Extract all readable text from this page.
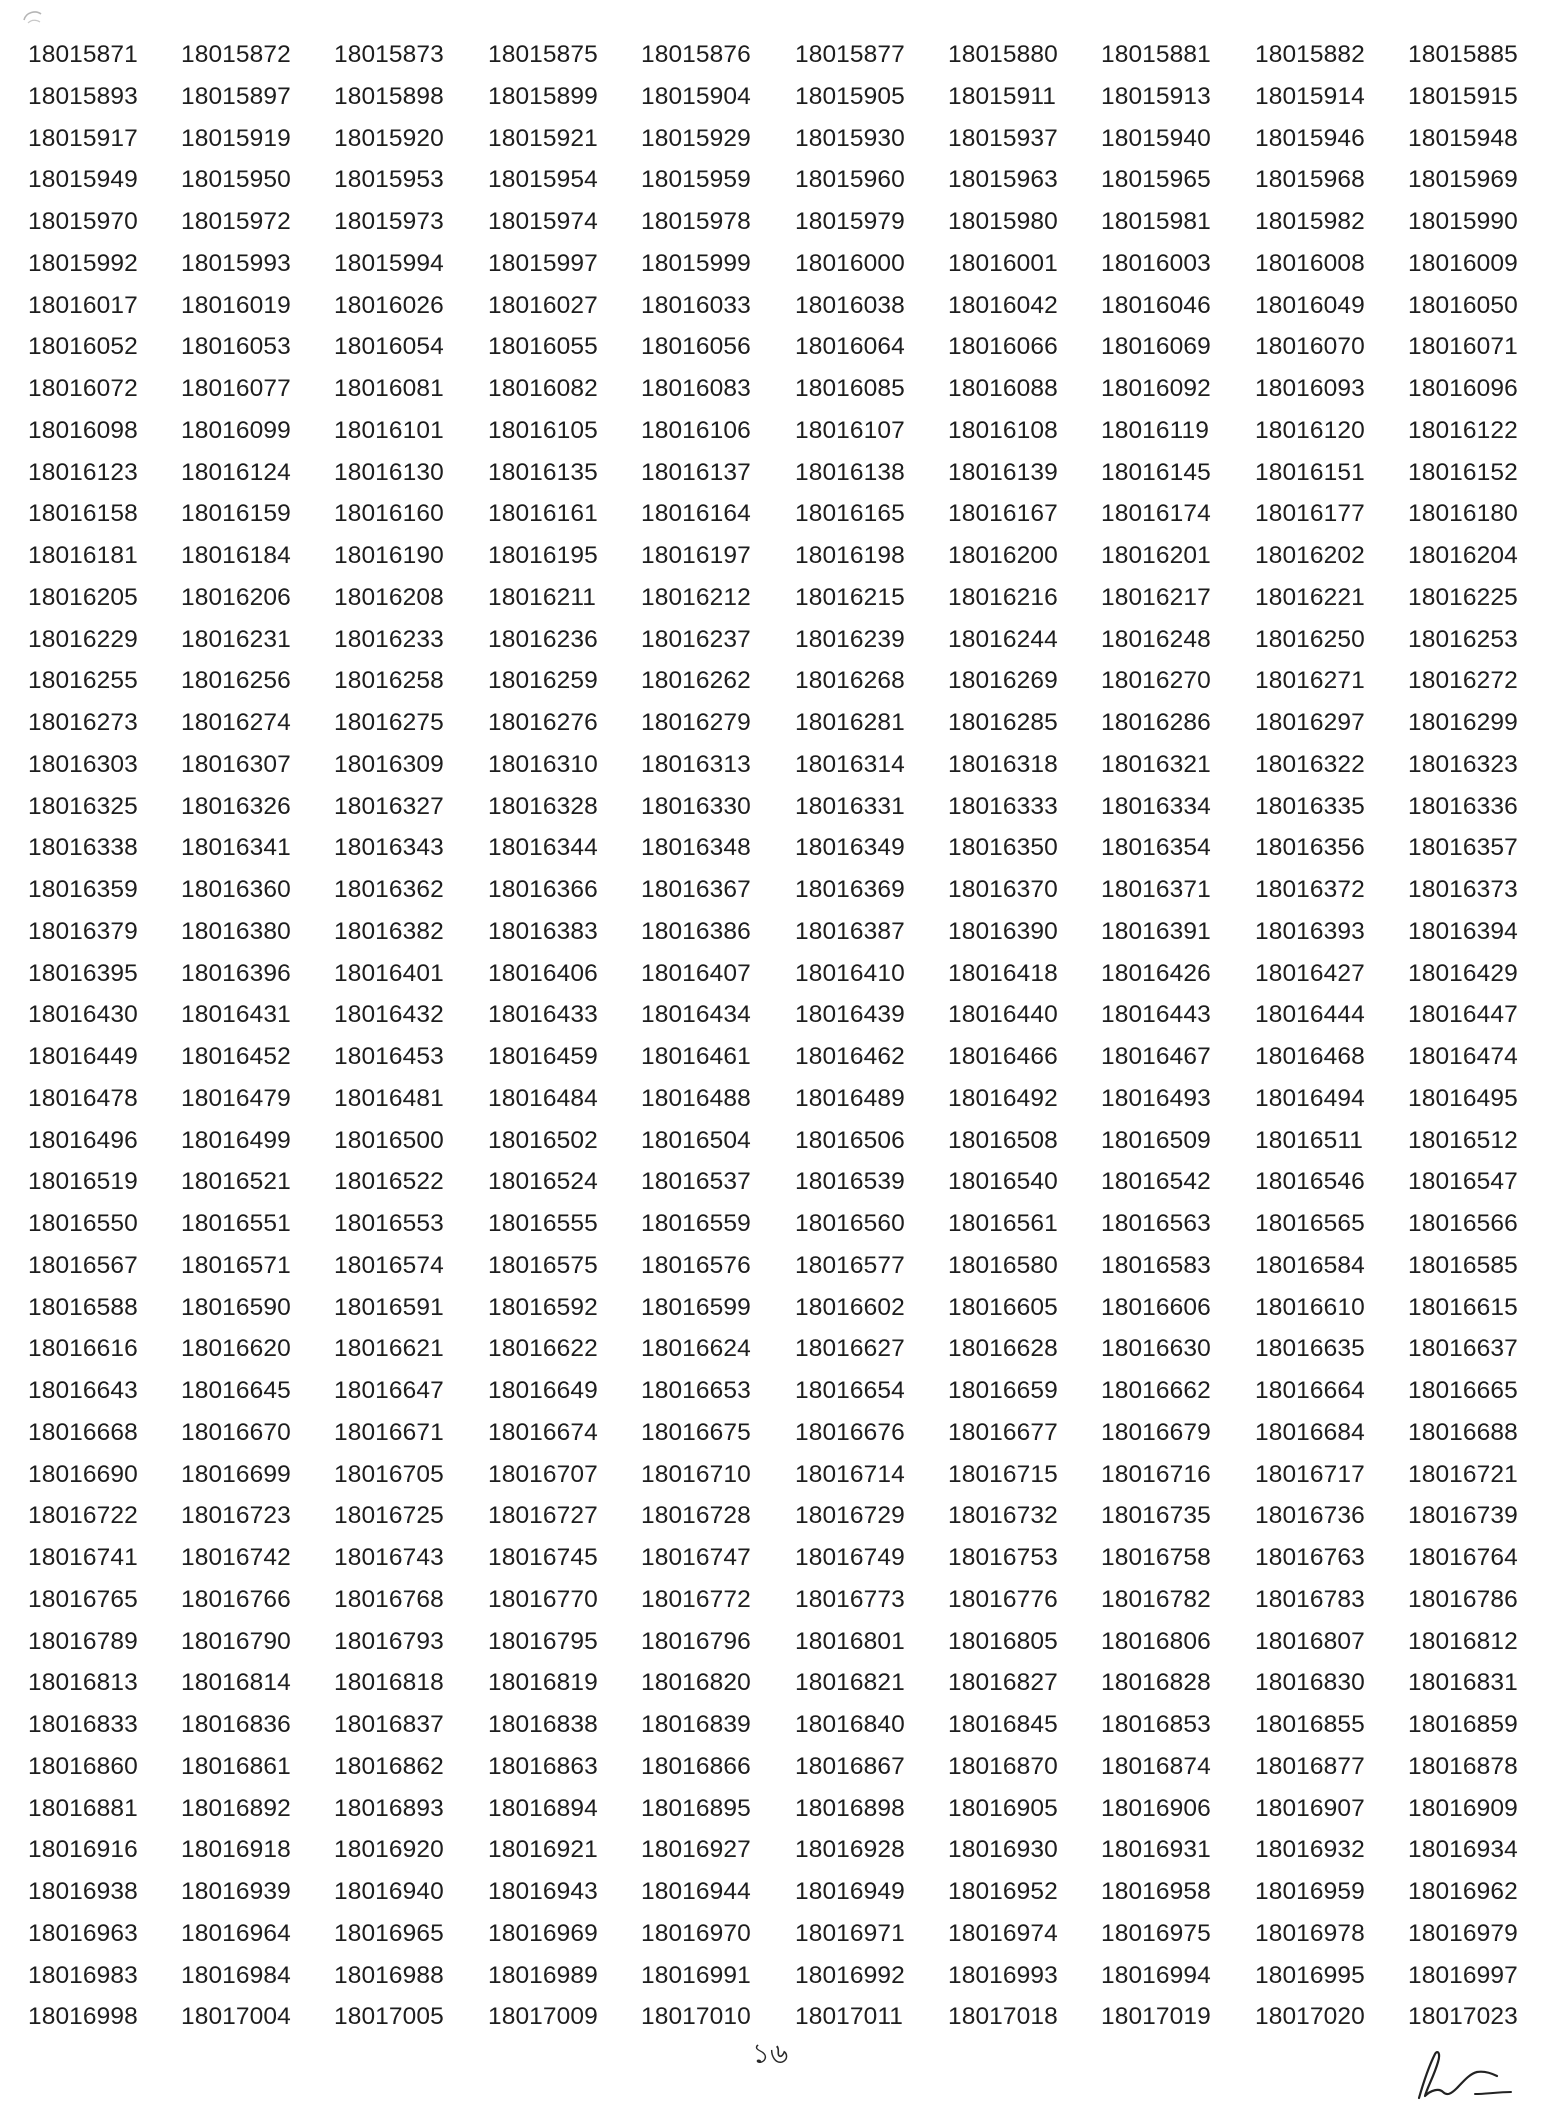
18015871 18015872 18015873 18015875 18015876 18015877 18015880 18015881 18015882 18015885
18015893 18015897 18015898 18015899 18015904 18015905 18015911 18015913 18015914 18015915
18015917 18015919 18015920 18015921 18015929 18015930 18015937 18015940 18015946 18015948
18015949 18015950 18015953 18015954 18015959 18015960 18015963 18015965 18015968 18015969
18015970 18015972 18015973 18015974 18015978 18015979 18015980 18015981 18015982 18015990
18015992 18015993 18015994 18015997 18015999 18016000 18016001 18016003 18016008 18016009
18016017 18016019 18016026 18016027 18016033 18016038 18016042 18016046 18016049 18016050
18016052 18016053 18016054 18016055 18016056 18016064 18016066 18016069 18016070 18016071
18016072 18016077 18016081 18016082 18016083 18016085 18016088 18016092 18016093 18016096
18016098 18016099 18016101 18016105 18016106 18016107 18016108 18016119 18016120 18016122
18016123 18016124 18016130 18016135 18016137 18016138 18016139 18016145 18016151 18016152
18016158 18016159 18016160 18016161 18016164 18016165 18016167 18016174 18016177 18016180
18016181 18016184 18016190 18016195 18016197 18016198 18016200 18016201 18016202 18016204
18016205 18016206 18016208 18016211 18016212 18016215 18016216 18016217 18016221 18016225
18016229 18016231 18016233 18016236 18016237 18016239 18016244 18016248 18016250 18016253
18016255 18016256 18016258 18016259 18016262 18016268 18016269 18016270 18016271 18016272
18016273 18016274 18016275 18016276 18016279 18016281 18016285 18016286 18016297 18016299
18016303 18016307 18016309 18016310 18016313 18016314 18016318 18016321 18016322 18016323
18016325 18016326 18016327 18016328 18016330 18016331 18016333 18016334 18016335 18016336
18016338 18016341 18016343 18016344 18016348 18016349 18016350 18016354 18016356 18016357
18016359 18016360 18016362 18016366 18016367 18016369 18016370 18016371 18016372 18016373
18016379 18016380 18016382 18016383 18016386 18016387 18016390 18016391 18016393 18016394
18016395 18016396 18016401 18016406 18016407 18016410 18016418 18016426 18016427 18016429
18016430 18016431 18016432 18016433 18016434 18016439 18016440 18016443 18016444 18016447
18016449 18016452 18016453 18016459 18016461 18016462 18016466 18016467 18016468 18016474
18016478 18016479 18016481 18016484 18016488 18016489 18016492 18016493 18016494 18016495
18016496 18016499 18016500 18016502 18016504 18016506 18016508 18016509 18016511 18016512
18016519 18016521 18016522 18016524 18016537 18016539 18016540 18016542 18016546 18016547
18016550 18016551 18016553 18016555 18016559 18016560 18016561 18016563 18016565 18016566
18016567 18016571 18016574 18016575 18016576 18016577 18016580 18016583 18016584 18016585
18016588 18016590 18016591 18016592 18016599 18016602 18016605 18016606 18016610 18016615
18016616 18016620 18016621 18016622 18016624 18016627 18016628 18016630 18016635 18016637
18016643 18016645 18016647 18016649 18016653 18016654 18016659 18016662 18016664 18016665
18016668 18016670 18016671 18016674 18016675 18016676 18016677 18016679 18016684 18016688
18016690 18016699 18016705 18016707 18016710 18016714 18016715 18016716 18016717 18016721
18016722 18016723 18016725 18016727 18016728 18016729 18016732 18016735 18016736 18016739
18016741 18016742 18016743 18016745 18016747 18016749 18016753 18016758 18016763 18016764
18016765 18016766 18016768 18016770 18016772 18016773 18016776 18016782 18016783 18016786
18016789 18016790 18016793 18016795 18016796 18016801 18016805 18016806 18016807 18016812
18016813 18016814 18016818 18016819 18016820 18016821 18016827 18016828 18016830 18016831
18016833 18016836 18016837 18016838 18016839 18016840 18016845 18016853 18016855 18016859
18016860 18016861 18016862 18016863 18016866 18016867 18016870 18016874 18016877 18016878
18016881 18016892 18016893 18016894 18016895 18016898 18016905 18016906 18016907 18016909
18016916 18016918 18016920 18016921 18016927 18016928 18016930 18016931 18016932 18016934
18016938 18016939 18016940 18016943 18016944 18016949 18016952 18016958 18016959 18016962
18016963 18016964 18016965 18016969 18016970 18016971 18016974 18016975 18016978 18016979
18016983 18016984 18016988 18016989 18016991 18016992 18016993 18016994 18016995 18016997
18016998 18017004 18017005 18017009 18017010 18017011 18017018 18017019 18017020 18017023
১৬
